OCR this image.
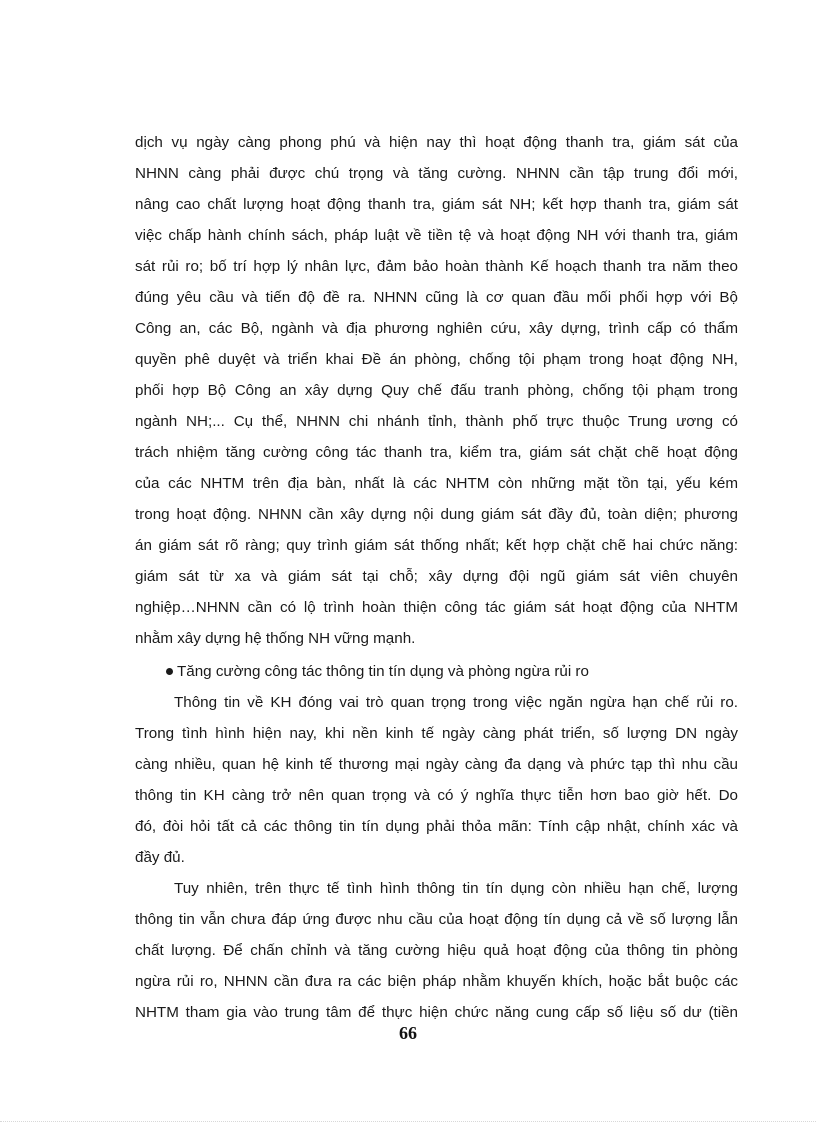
dịch vụ ngày càng phong phú và hiện nay thì hoạt động thanh tra, giám sát của
NHNN càng phải được chú trọng và tăng cường. NHNN cần tập trung đổi mới,
nâng cao chất lượng hoạt động thanh tra, giám sát NH; kết hợp thanh tra, giám sát
việc chấp hành chính sách, pháp luật về tiền tệ và hoạt động NH với thanh tra, giám
sát rủi ro; bố trí hợp lý nhân lực, đảm bảo hoàn thành Kế hoạch thanh tra năm theo
đúng yêu cầu và tiến độ đề ra. NHNN cũng là cơ quan đầu mối phối hợp với Bộ
Công an, các Bộ, ngành và địa phương nghiên cứu, xây dựng, trình cấp có thẩm
quyền phê duyệt và triển khai Đề án phòng, chống tội phạm trong hoạt động NH,
phối hợp Bộ Công an xây dựng Quy chế đấu tranh phòng, chống tội phạm trong
ngành NH;... Cụ thể, NHNN chi nhánh tỉnh, thành phố trực thuộc Trung ương có
trách nhiệm tăng cường công tác thanh tra, kiểm tra, giám sát chặt chẽ hoạt động
của các NHTM trên địa bàn, nhất là các NHTM còn những mặt tồn tại, yếu kém
trong hoạt động. NHNN cần xây dựng nội dung giám sát đầy đủ, toàn diện; phương
án giám sát rõ ràng; quy trình giám sát thống nhất; kết hợp chặt chẽ hai chức năng:
giám sát từ xa và giám sát tại chỗ; xây dựng đội ngũ giám sát viên chuyên
nghiệp…NHNN cần có lộ trình hoàn thiện công tác giám sát hoạt động của NHTM
nhằm xây dựng hệ thống NH vững mạnh.
Tăng cường công tác thông tin tín dụng và phòng ngừa rủi ro
Thông tin về KH đóng vai trò quan trọng trong việc ngăn ngừa hạn chế rủi ro.
Trong tình hình hiện nay, khi nền kinh tế ngày càng phát triển, số lượng DN ngày
càng nhiều, quan hệ kinh tế thương mại ngày càng đa dạng và phức tạp thì nhu cầu
thông tin KH càng trở nên quan trọng và có ý nghĩa thực tiễn hơn bao giờ hết. Do
đó, đòi hỏi tất cả các thông tin tín dụng phải thỏa mãn: Tính cập nhật, chính xác và
đầy đủ.
Tuy nhiên, trên thực tế tình hình thông tin tín dụng còn nhiều hạn chế, lượng
thông tin vẫn chưa đáp ứng được nhu cầu của hoạt động tín dụng cả về số lượng lẫn
chất lượng. Để chấn chỉnh và tăng cường hiệu quả hoạt động của thông tin phòng
ngừa rủi ro, NHNN cần đưa ra các biện pháp nhằm khuyến khích, hoặc bắt buộc các
NHTM tham gia vào trung tâm để thực hiện chức năng cung cấp số liệu số dư (tiền
66
